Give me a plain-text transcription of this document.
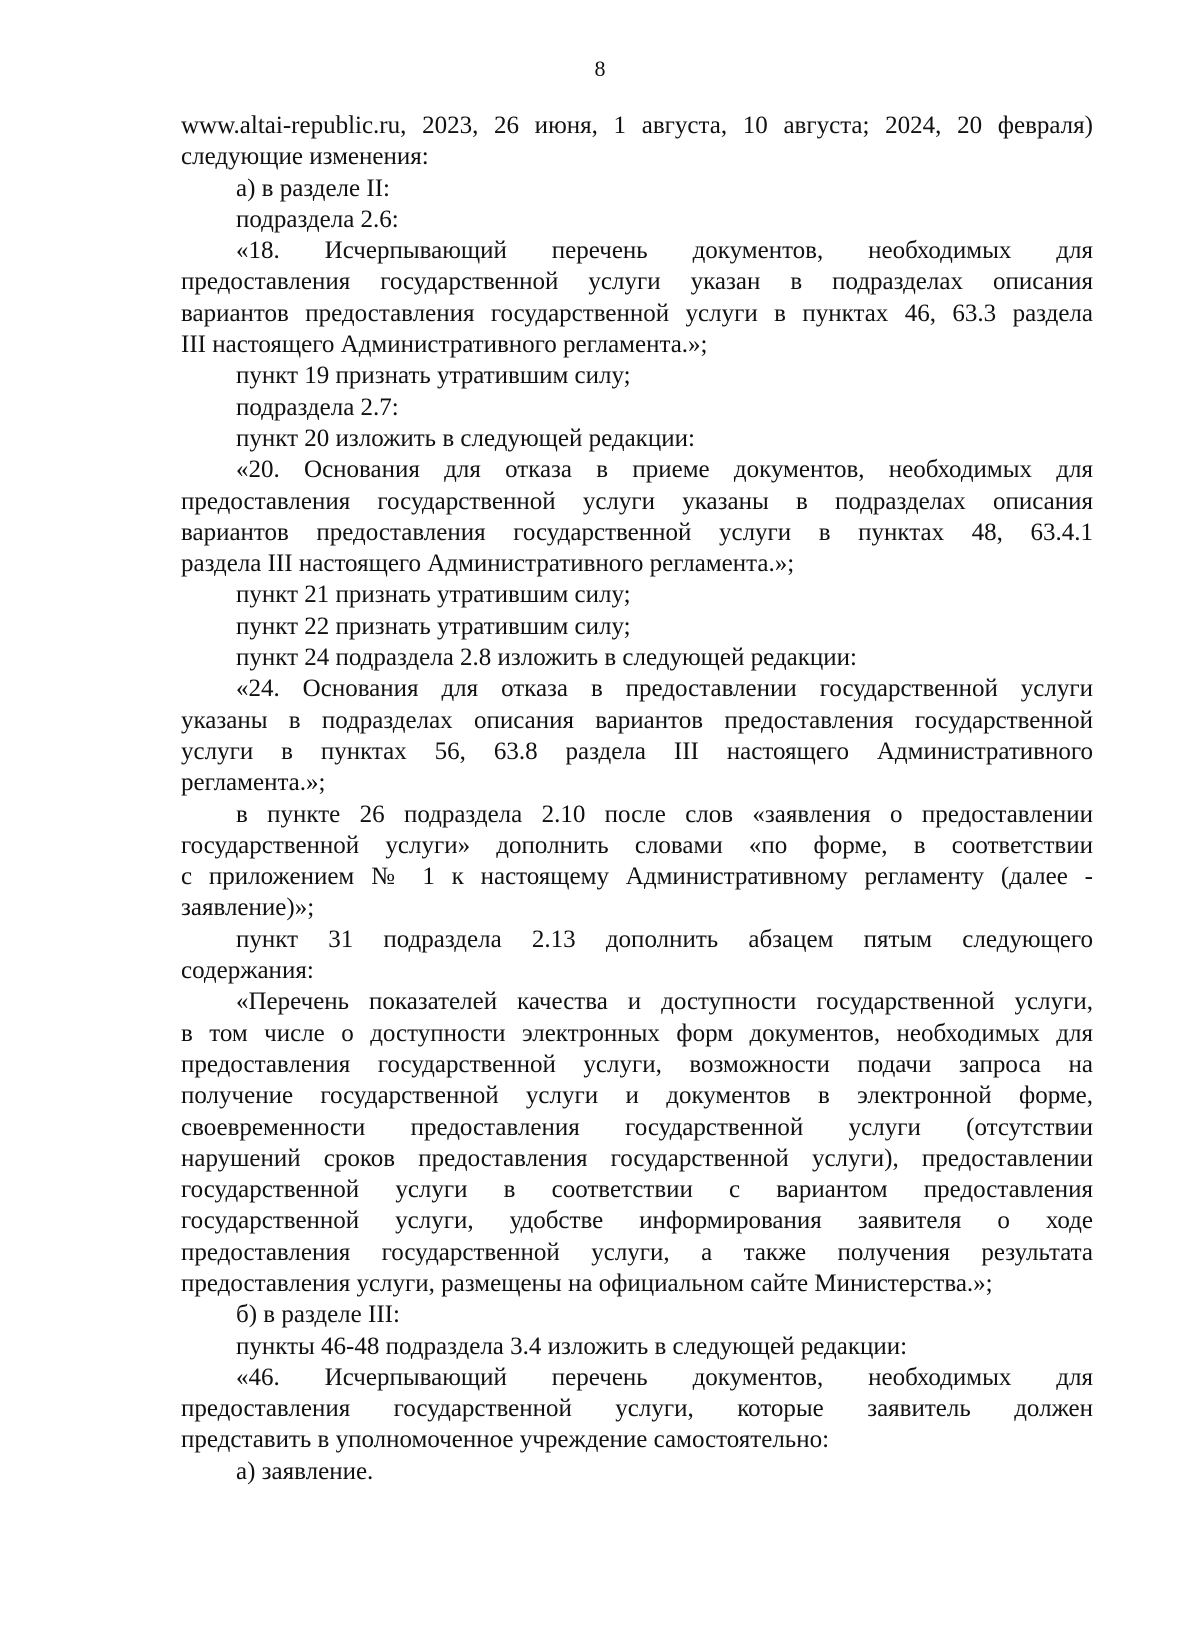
8
www.altai-republic.ru, 2023, 26 июня, 1 августа, 10 августа; 2024, 20 февраля)
следующие изменения:
а) в разделе II:
подраздела 2.6:
«18. Исчерпывающий перечень документов, необходимых для
предоставления государственной услуги указан в подразделах описания
вариантов предоставления государственной услуги в пунктах 46, 63.3 раздела
III настоящего Административного регламента.»;
пункт 19 признать утратившим силу;
подраздела 2.7:
пункт 20 изложить в следующей редакции:
«20. Основания для отказа в приеме документов, необходимых для
предоставления государственной услуги указаны в подразделах описания
вариантов предоставления государственной услуги в пунктах 48, 63.4.1
раздела III настоящего Административного регламента.»;
пункт 21 признать утратившим силу;
пункт 22 признать утратившим силу;
пункт 24 подраздела 2.8 изложить в следующей редакции:
«24. Основания для отказа в предоставлении государственной услуги
указаны в подразделах описания вариантов предоставления государственной
услуги в пунктах 56, 63.8 раздела III настоящего Административного
регламента.»;
в пункте 26 подраздела 2.10 после слов «заявления о предоставлении
государственной услуги» дополнить словами «по форме, в соответствии
с приложением № 1 к настоящему Административному регламенту (далее -
заявление)»;
пункт 31 подраздела 2.13 дополнить абзацем пятым следующего
содержания:
«Перечень показателей качества и доступности государственной услуги,
в том числе о доступности электронных форм документов, необходимых для
предоставления государственной услуги, возможности подачи запроса на
получение государственной услуги и документов в электронной форме,
своевременности предоставления государственной услуги (отсутствии
нарушений сроков предоставления государственной услуги), предоставлении
государственной услуги в соответствии с вариантом предоставления
государственной услуги, удобстве информирования заявителя о ходе
предоставления государственной услуги, а также получения результата
предоставления услуги, размещены на официальном сайте Министерства.»;
б) в разделе III:
пункты 46-48 подраздела 3.4 изложить в следующей редакции:
«46. Исчерпывающий перечень документов, необходимых для
предоставления государственной услуги, которые заявитель должен
представить в уполномоченное учреждение самостоятельно:
а) заявление.
